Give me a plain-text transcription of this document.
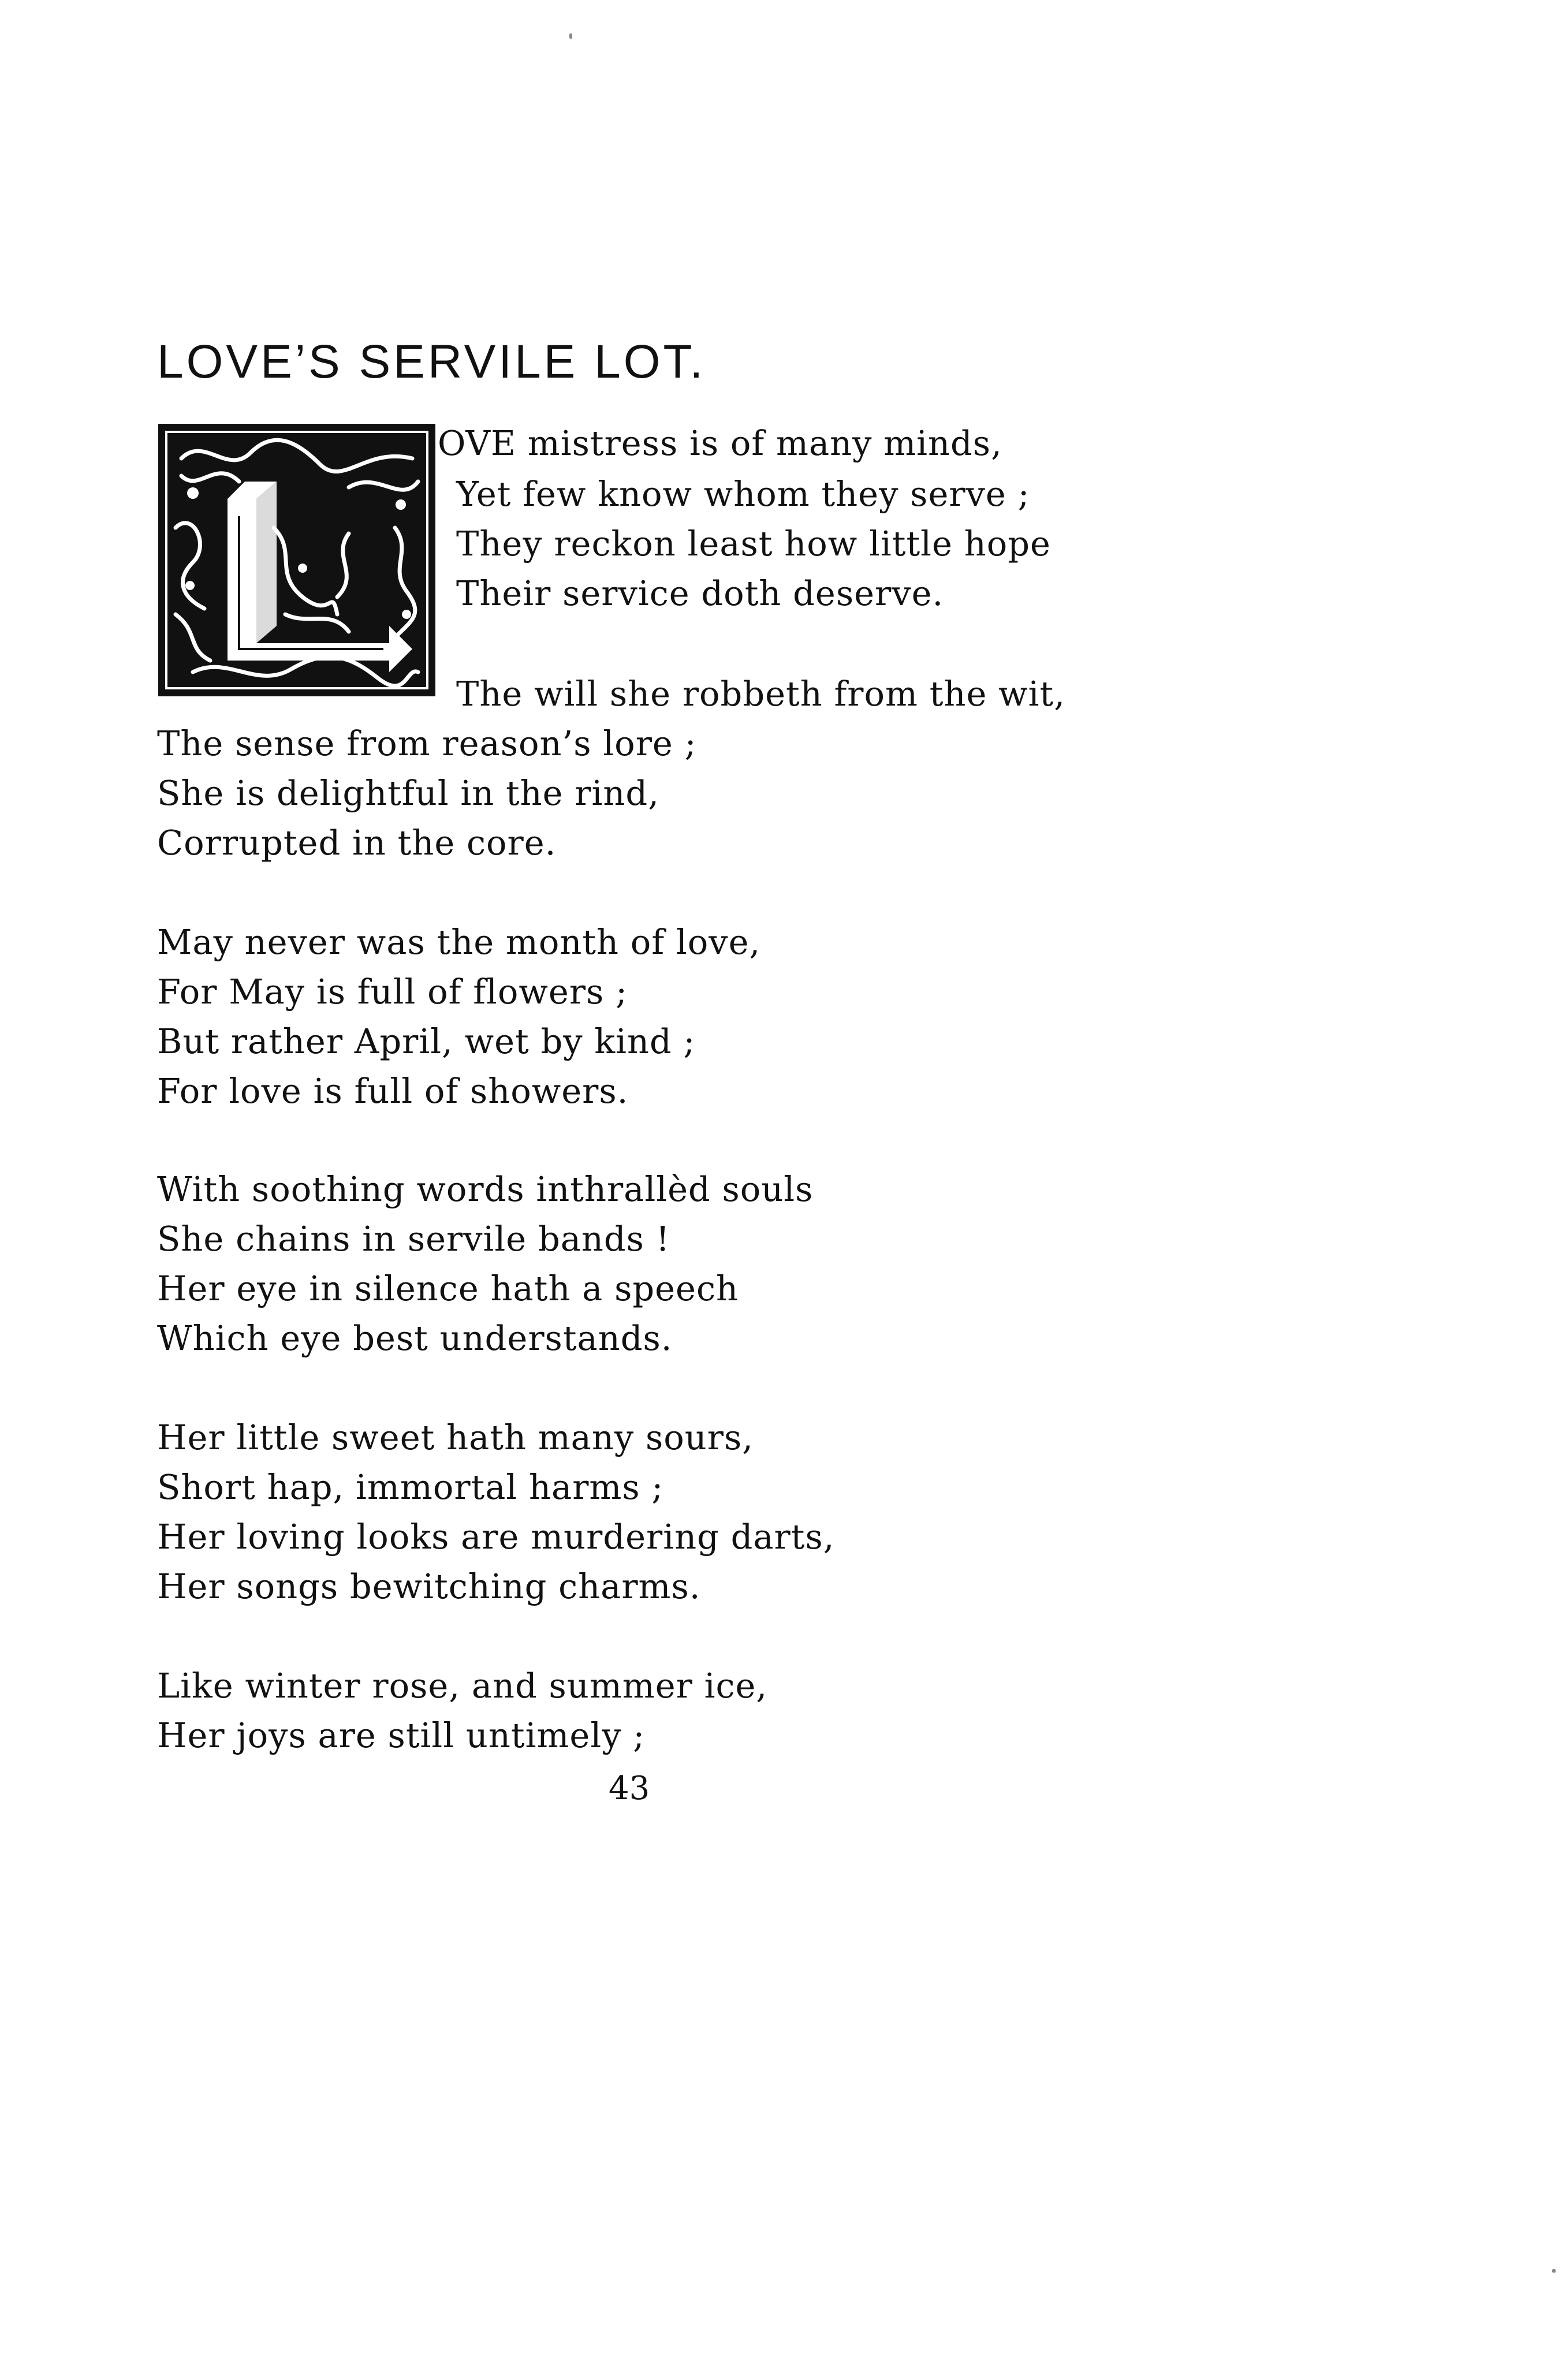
LOVE’S SERVILE LOT.
OVE mistress is of many minds,
Yet few know whom they serve ;
They reckon least how little hope
Their service doth deserve.
The will she robbeth from the wit,
The sense from reason’s lore ;
She is delightful in the rind,
Corrupted in the core.
May never was the month of love,
For May is full of flowers ;
But rather April, wet by kind ;
For love is full of showers.
With soothing words inthrallèd souls
She chains in servile bands !
Her eye in silence hath a speech
Which eye best understands.
Her little sweet hath many sours,
Short hap, immortal harms ;
Her loving looks are murdering darts,
Her songs bewitching charms.
Like winter rose, and summer ice,
Her joys are still untimely ;
43
